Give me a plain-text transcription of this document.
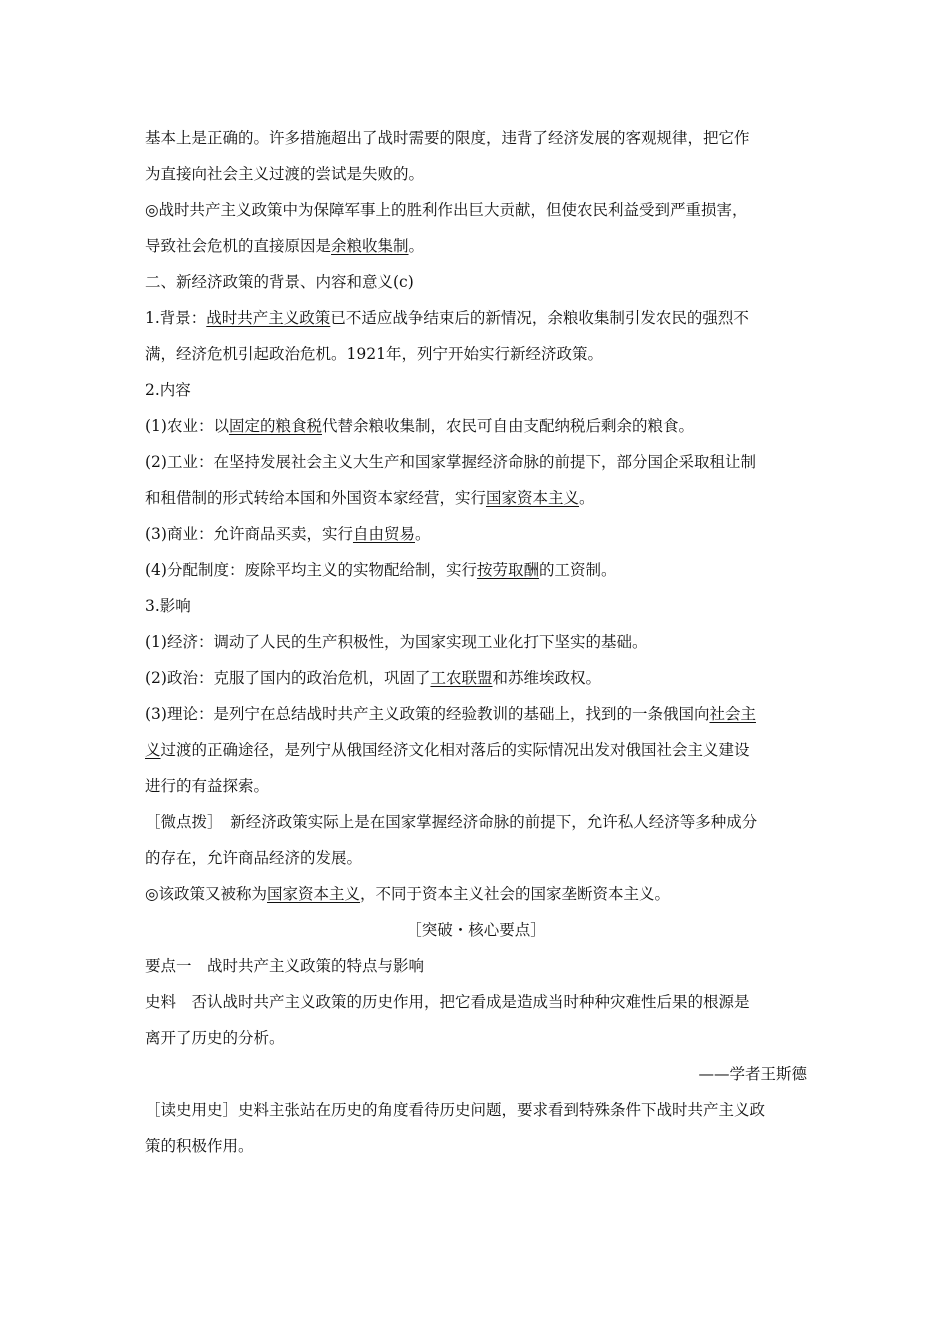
基本上是正确的。许多措施超出了战时需要的限度，违背了经济发展的客观规律，把它作
为直接向社会主义过渡的尝试是失败的。
◎战时共产主义政策中为保障军事上的胜利作出巨大贡献，但使农民利益受到严重损害，
导致社会危机的直接原因是余粮收集制。
二、新经济政策的背景、内容和意义(c)
1.背景：战时共产主义政策已不适应战争结束后的新情况，余粮收集制引发农民的强烈不
满，经济危机引起政治危机。1921年，列宁开始实行新经济政策。
2.内容
(1)农业：以固定的粮食税代替余粮收集制，农民可自由支配纳税后剩余的粮食。
(2)工业：在坚持发展社会主义大生产和国家掌握经济命脉的前提下，部分国企采取租让制
和租借制的形式转给本国和外国资本家经营，实行国家资本主义。
(3)商业：允许商品买卖，实行自由贸易。
(4)分配制度：废除平均主义的实物配给制，实行按劳取酬的工资制。
3.影响
(1)经济：调动了人民的生产积极性，为国家实现工业化打下坚实的基础。
(2)政治：克服了国内的政治危机，巩固了工农联盟和苏维埃政权。
(3)理论：是列宁在总结战时共产主义政策的经验教训的基础上，找到的一条俄国向社会主
义过渡的正确途径，是列宁从俄国经济文化相对落后的实际情况出发对俄国社会主义建设
进行的有益探索。
［微点拨］　新经济政策实际上是在国家掌握经济命脉的前提下，允许私人经济等多种成分
的存在，允许商品经济的发展。
◎该政策又被称为国家资本主义，不同于资本主义社会的国家垄断资本主义。
［突破・核心要点］
要点一　战时共产主义政策的特点与影响
史料　否认战时共产主义政策的历史作用，把它看成是造成当时种种灾难性后果的根源是
离开了历史的分析。
——学者王斯德
［读史用史］史料主张站在历史的角度看待历史问题，要求看到特殊条件下战时共产主义政
策的积极作用。
